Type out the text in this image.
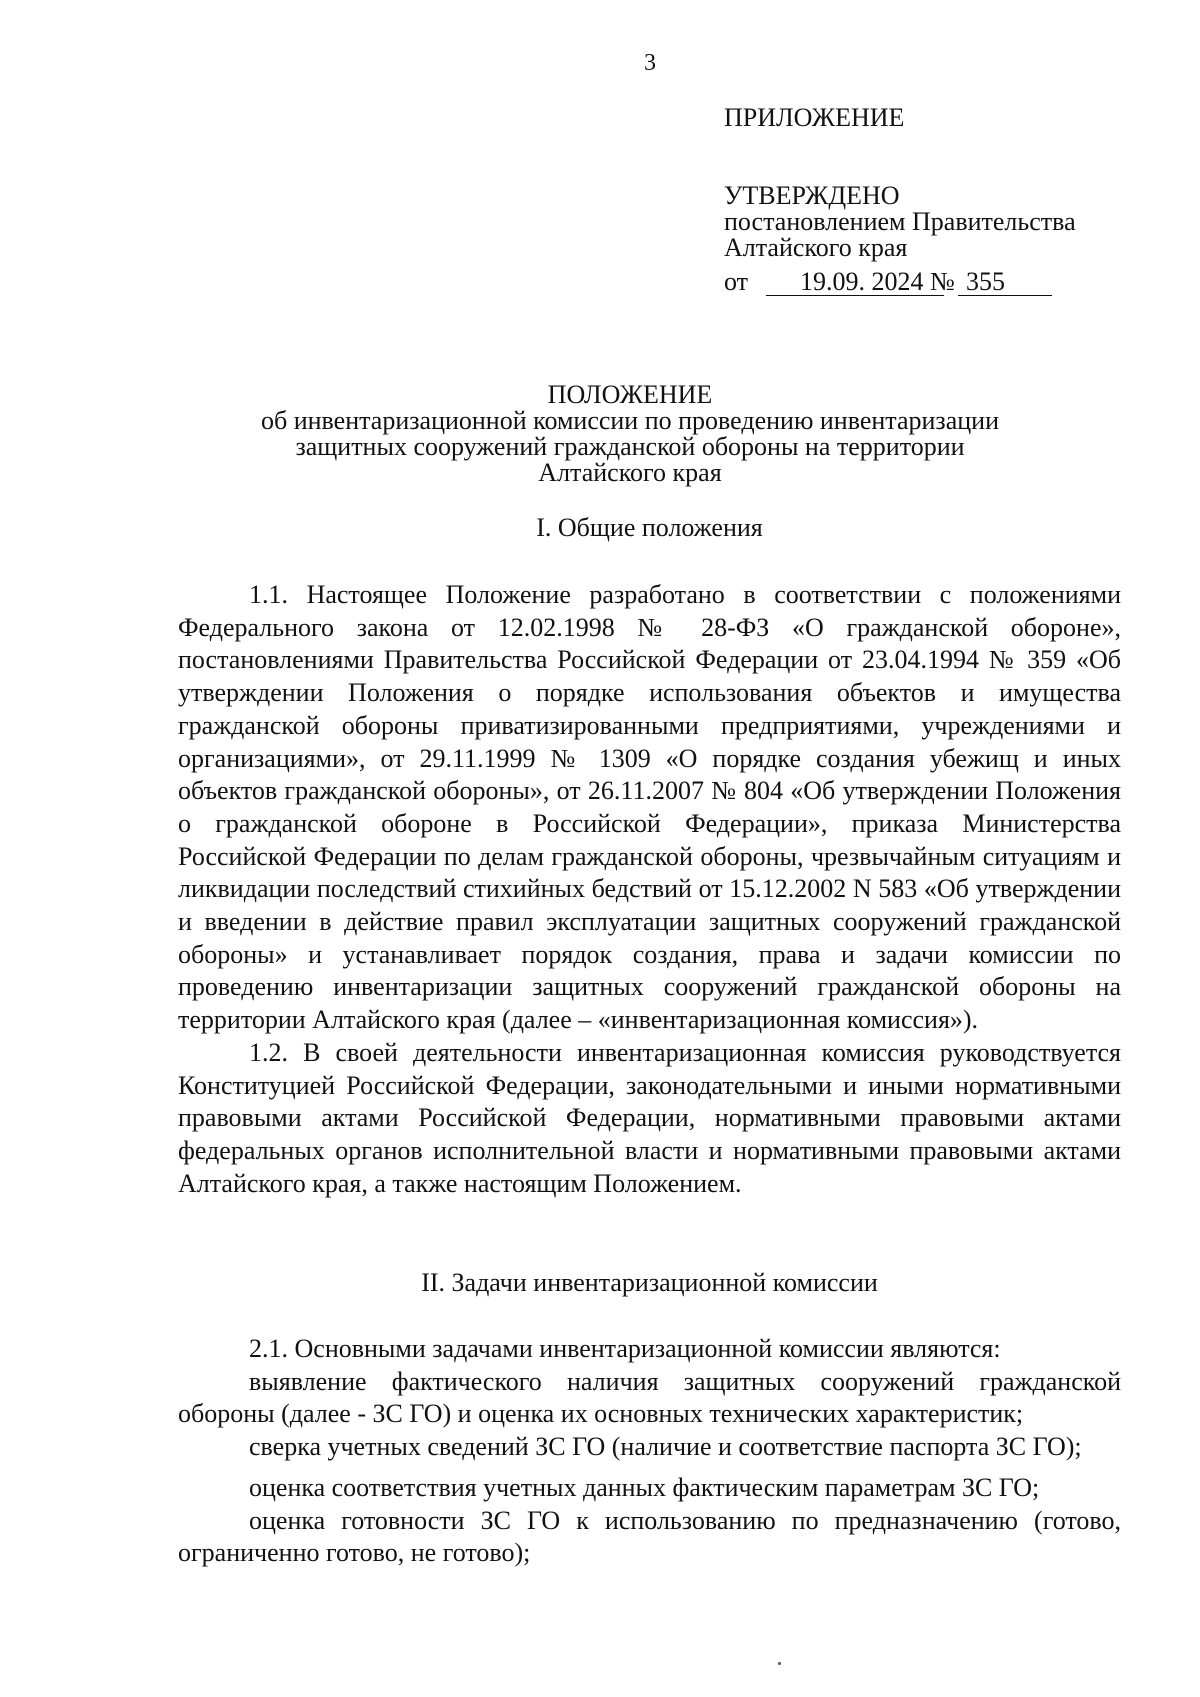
3
ПРИЛОЖЕНИЕ
УТВЕРЖДЕНО
постановлением Правительства
Алтайского края
от	19.09. 2024 № 355
ПОЛОЖЕНИЕ
об инвентаризационной комиссии по проведению инвентаризации
защитных сооружений гражданской обороны на территории
Алтайского края
I. Общие положения

1.1. Настоящее Положение разработано в соответствии с положениями Федерального закона от 12.02.1998 № 28-ФЗ «О гражданской обороне», постановлениями Правительства Российской Федерации от 23.04.1994 № 359 «Об утверждении Положения о порядке использования объектов и имущества гражданской обороны приватизированными предприятиями, учреждениями и организациями», от 29.11.1999 № 1309 «О порядке создания убежищ и иных объектов гражданской обороны», от 26.11.2007 № 804 «Об утверждении Положения о гражданской обороне в Российской Федерации», приказа Министерства Российской Федерации по делам гражданской обороны, чрезвычайным ситуациям и ликвидации последствий стихийных бедствий от 15.12.2002 N 583 «Об утверждении и введении в действие правил эксплуатации защитных сооружений гражданской обороны» и устанавливает порядок создания, права и задачи комиссии по проведению инвентаризации защитных сооружений гражданской обороны на территории Алтайского края (далее – «инвентаризационная комиссия»).

1.2. В своей деятельности инвентаризационная комиссия руководствуется Конституцией Российской Федерации, законодательными и иными нормативными правовыми актами Российской Федерации, нормативными правовыми актами федеральных органов исполнительной власти и нормативными правовыми актами Алтайского края, а также настоящим Положением.

II. Задачи инвентаризационной комиссии

2.1. Основными задачами инвентаризационной комиссии являются:

выявление фактического наличия защитных сооружений гражданской обороны (далее - ЗС ГО) и оценка их основных технических характеристик;

сверка учетных сведений ЗС ГО (наличие и соответствие паспорта ЗС ГО);

оценка соответствия учетных данных фактическим параметрам ЗС ГО;

оценка готовности ЗС ГО к использованию по предназначению (готово, ограниченно готово, не готово);
